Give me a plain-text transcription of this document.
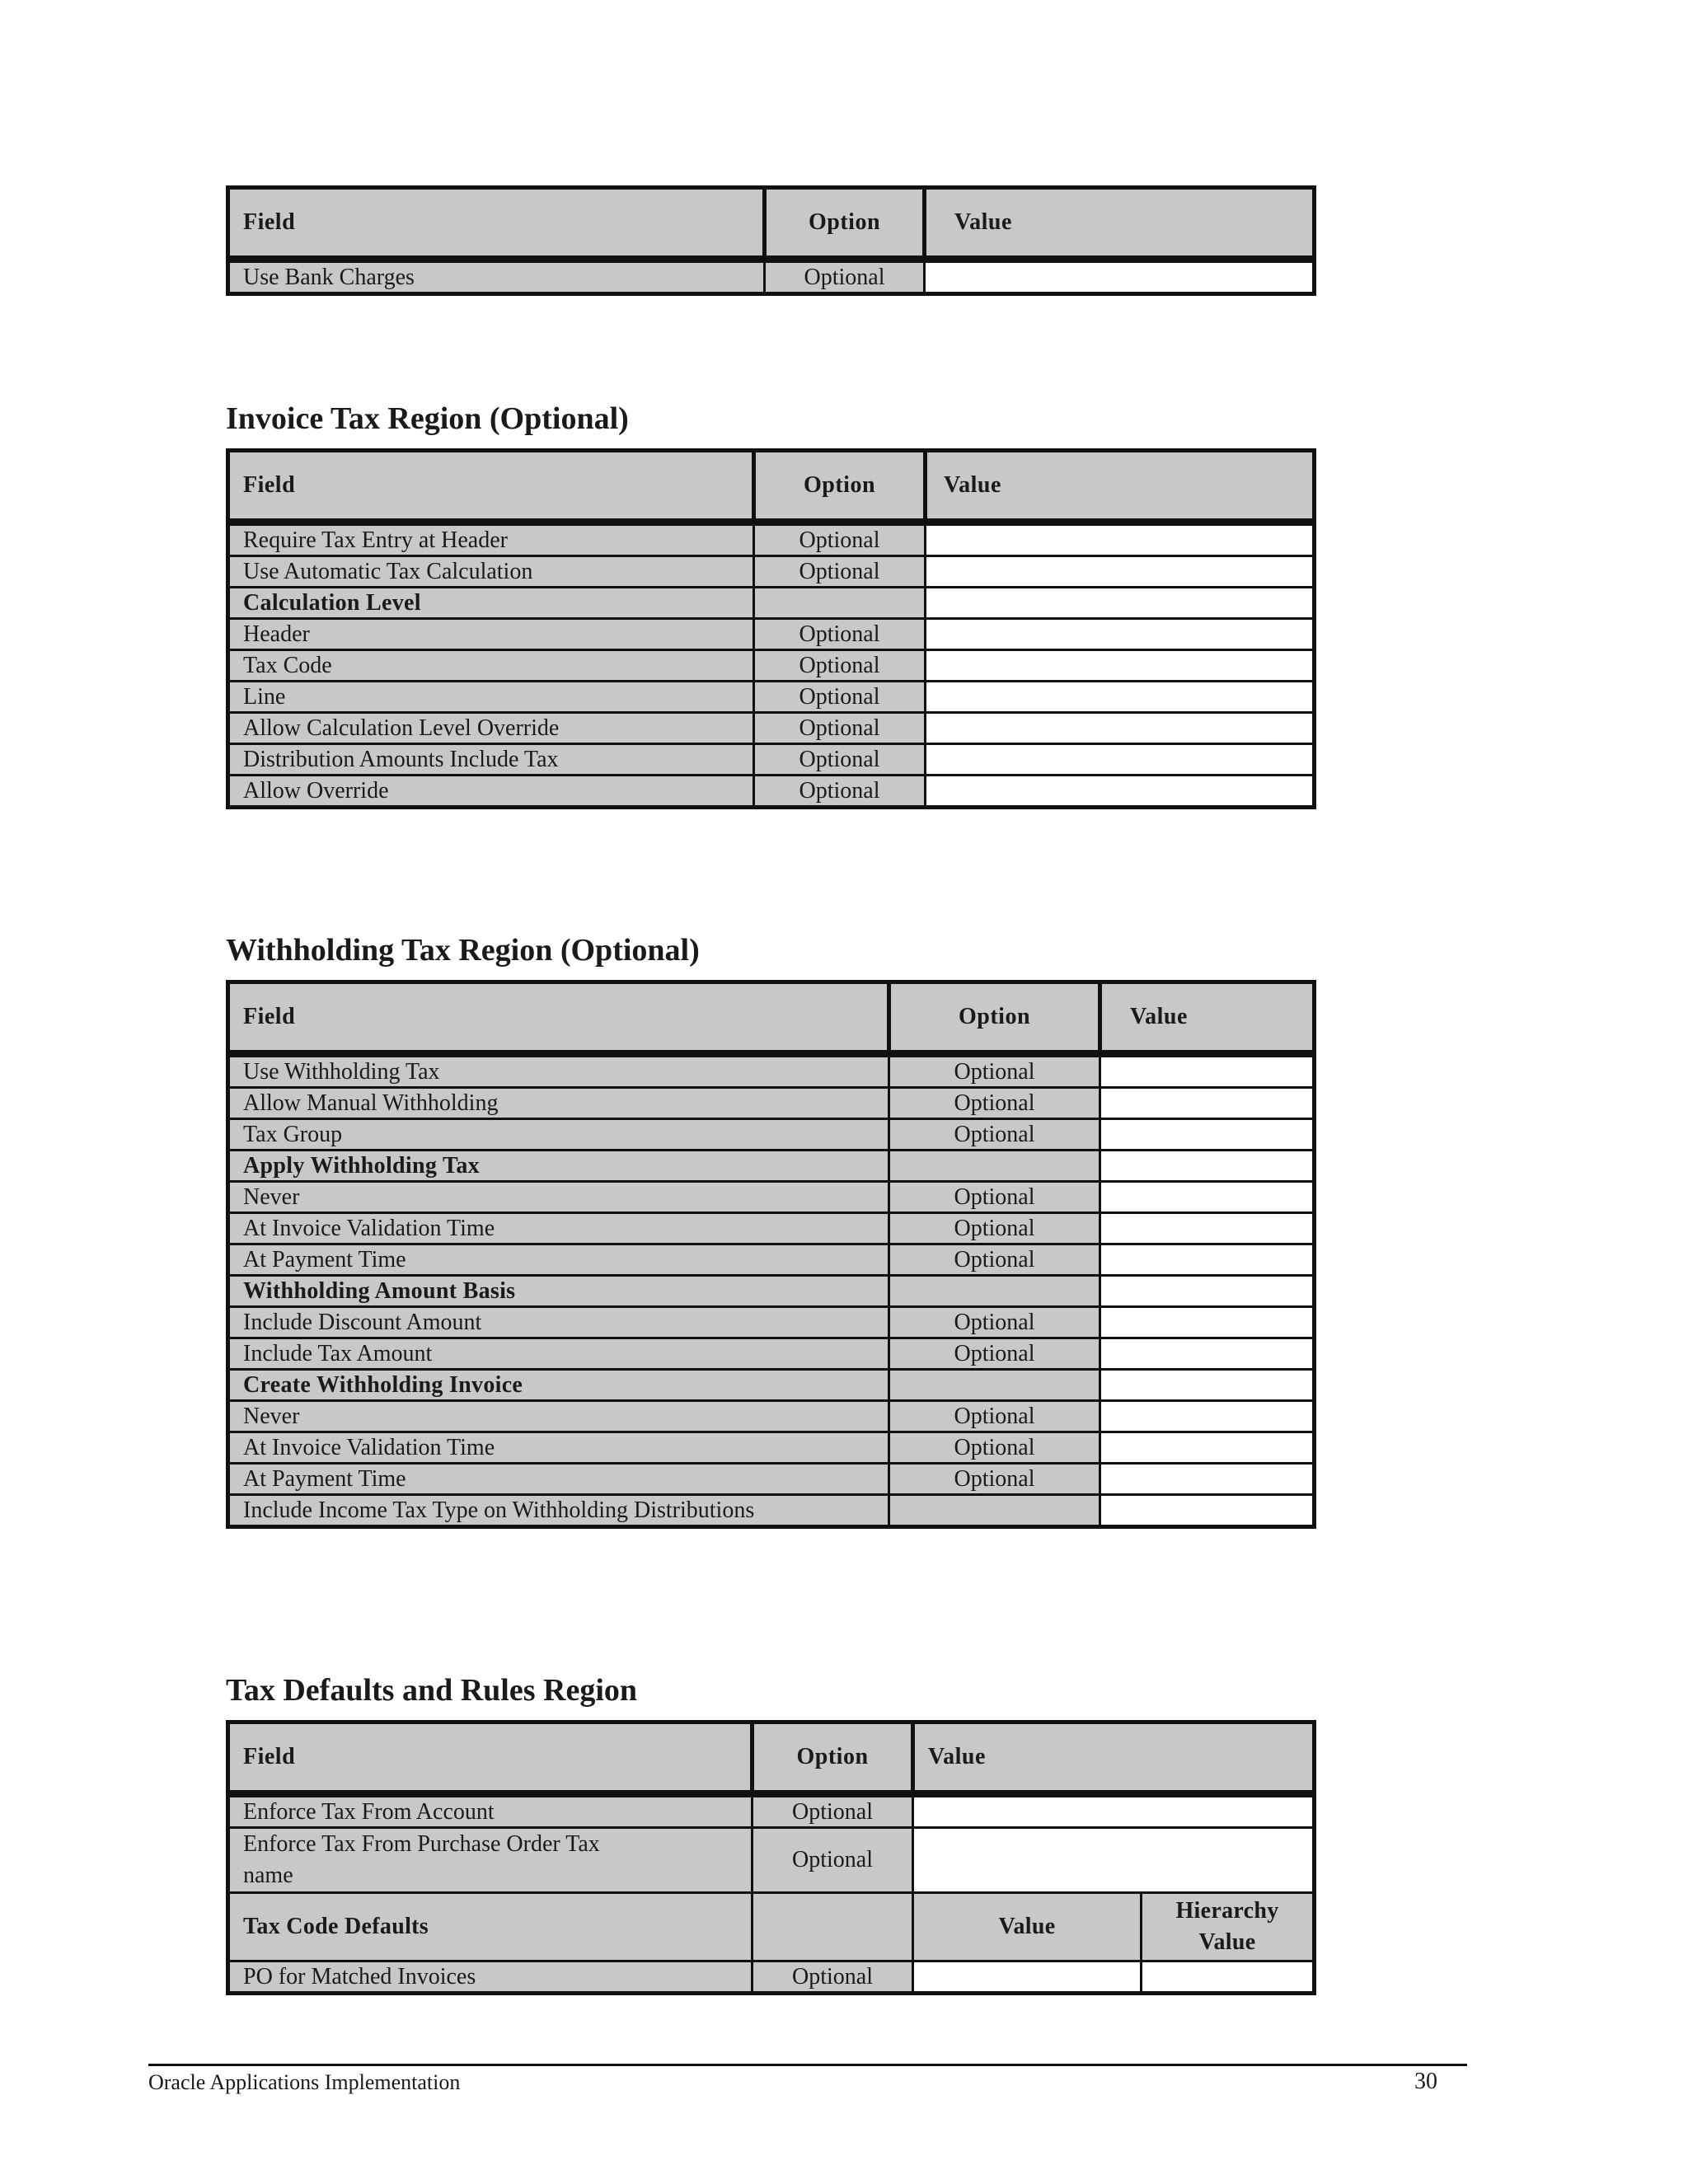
Field	Option	Value
Use Bank Charges	Optional	
Invoice Tax Region (Optional)
Field	Option	Value
Require Tax Entry at Header	Optional	
Use Automatic Tax Calculation	Optional	
Calculation Level		
Header	Optional	
Tax Code	Optional	
Line	Optional	
Allow Calculation Level Override	Optional	
Distribution Amounts Include Tax	Optional	
Allow Override	Optional	
Withholding Tax Region (Optional)
Field	Option	Value
Use Withholding Tax	Optional	
Allow Manual Withholding	Optional	
Tax Group	Optional	
Apply Withholding Tax		
Never	Optional	
At Invoice Validation Time	Optional	
At Payment Time	Optional	
Withholding Amount Basis		
Include Discount Amount	Optional	
Include Tax Amount	Optional	
Create Withholding Invoice		
Never	Optional	
At Invoice Validation Time	Optional	
At Payment Time	Optional	
Include Income Tax Type on Withholding Distributions		
Tax Defaults and Rules Region
Field	Option	Value	
Enforce Tax From Account	Optional		
Enforce Tax From Purchase Order Tax name	Optional		
Tax Code Defaults		Value	Hierarchy Value
PO for Matched Invoices	Optional		
Oracle Applications Implementation	30
